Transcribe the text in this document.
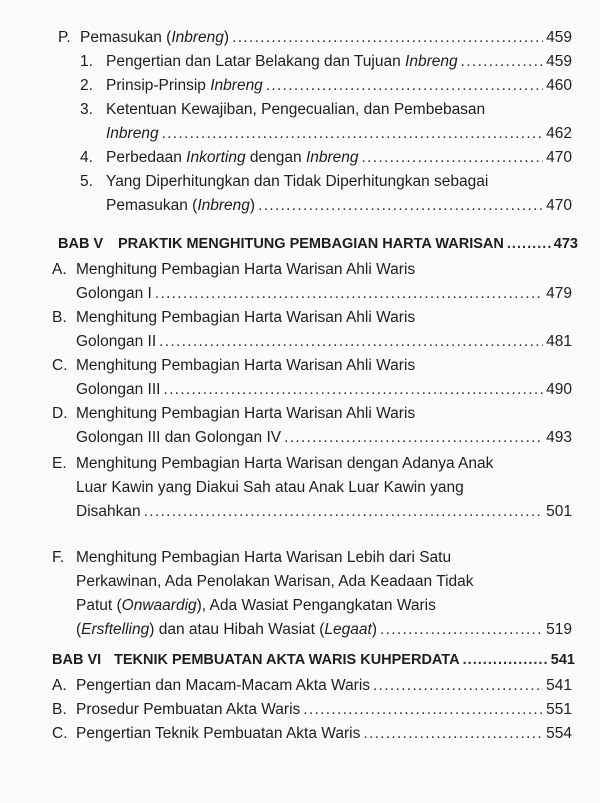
P. Pemasukan (Inbreng) . . .	459
1. Pengertian dan Latar Belakang dan Tujuan Inbreng . . .	459
2. Prinsip-Prinsip Inbreng . . .	460
3. Ketentuan Kewajiban, Pengecualian, dan Pembebasan
Inbreng . . .	462
4. Perbedaan Inkorting dengan Inbreng . . .	470
5. Yang Diperhitungkan dan Tidak Diperhitungkan sebagai
Pemasukan (Inbreng) . . .	470
BAB V PRAKTIK MENGHITUNG PEMBAGIAN HARTA WARISAN . . .	473
A. Menghitung Pembagian Harta Warisan Ahli Waris
Golongan I . . .	479
B. Menghitung Pembagian Harta Warisan Ahli Waris
Golongan II . . .	481
C. Menghitung Pembagian Harta Warisan Ahli Waris
Golongan III . . .	490
D. Menghitung Pembagian Harta Warisan Ahli Waris
Golongan III dan Golongan IV . . .	493
E. Menghitung Pembagian Harta Warisan dengan Adanya Anak
Luar Kawin yang Diakui Sah atau Anak Luar Kawin yang
Disahkan . . .	501
F. Menghitung Pembagian Harta Warisan Lebih dari Satu
Perkawinan, Ada Penolakan Warisan, Ada Keadaan Tidak
Patut (Onwaardig), Ada Wasiat Pengangkatan Waris
(Ersftelling) dan atau Hibah Wasiat (Legaat) . . .	519
BAB VI TEKNIK PEMBUATAN AKTA WARIS KUHPERDATA . . .	541
A. Pengertian dan Macam-Macam Akta Waris . . .	541
B. Prosedur Pembuatan Akta Waris . . .	551
C. Pengertian Teknik Pembuatan Akta Waris . . .	554
